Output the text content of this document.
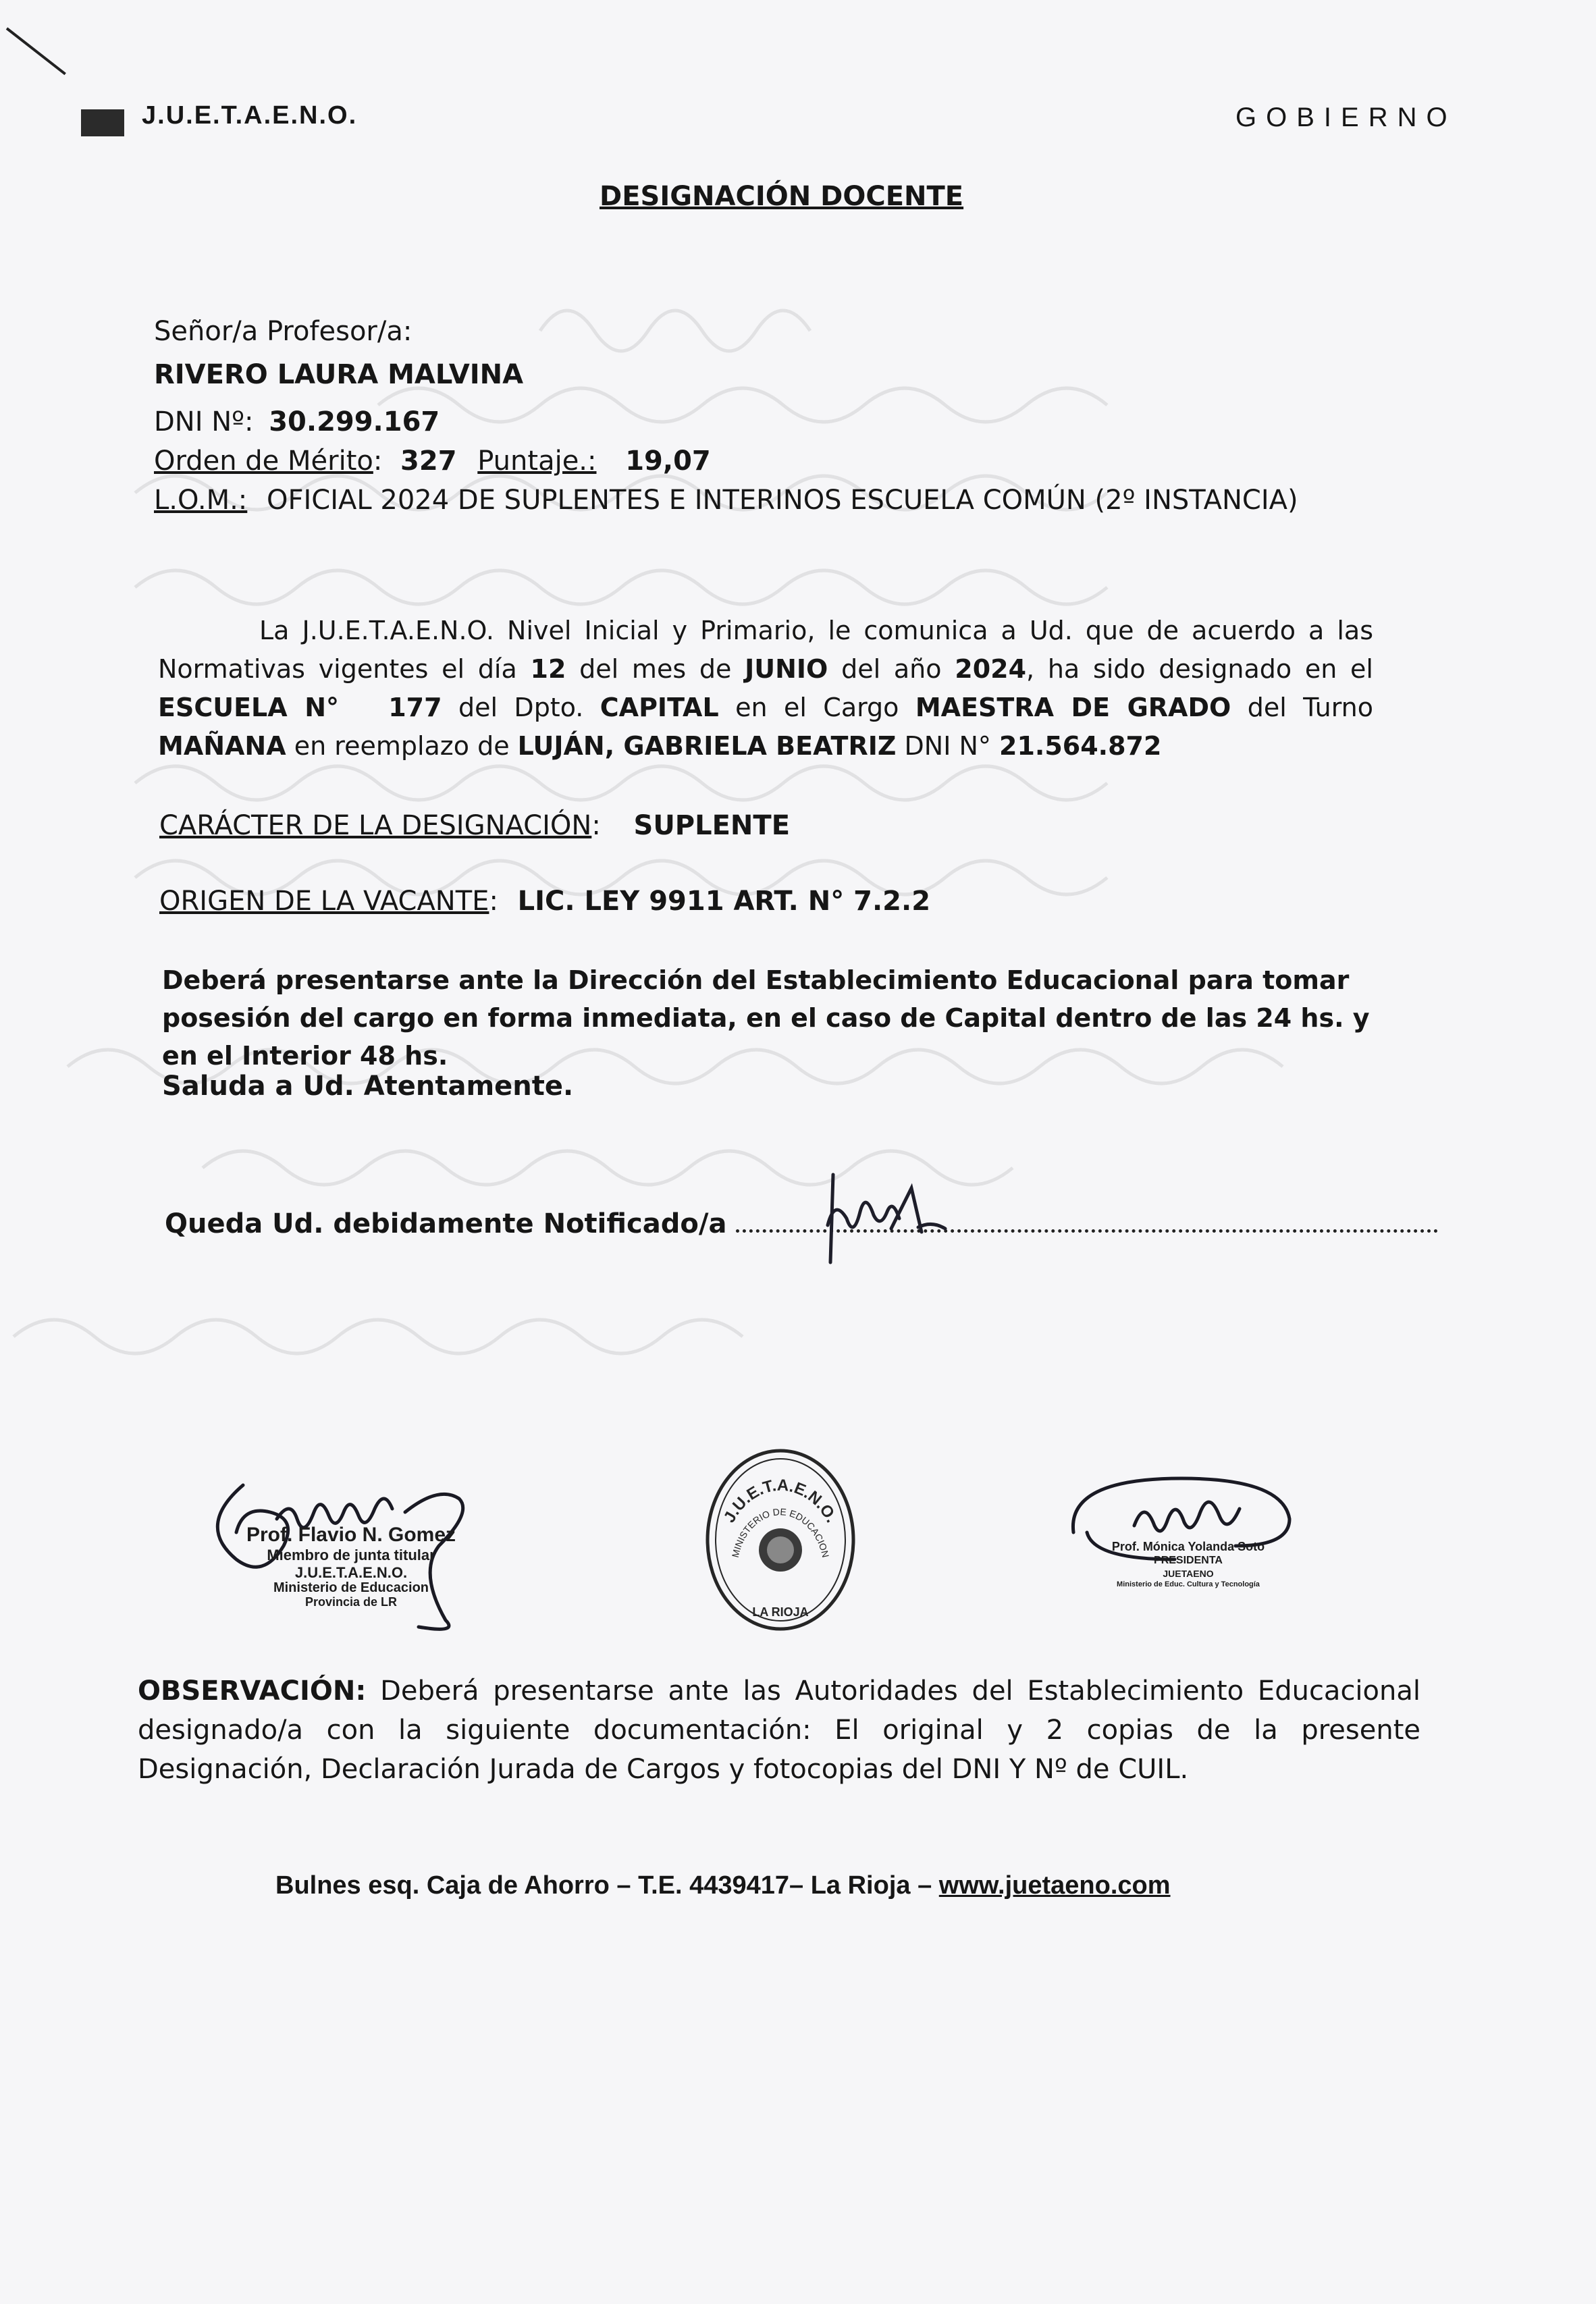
J.U.E.T.A.E.N.O.	GOBIERNO
DESIGNACIÓN DOCENTE
Señor/a Profesor/a:
RIVERO LAURA MALVINA
DNI Nº: 30.299.167
Orden de Mérito: 327 Puntaje.: 19,07
L.O.M.: OFICIAL 2024 DE SUPLENTES E INTERINOS ESCUELA COMÚN (2º INSTANCIA)
La J.U.E.T.A.E.N.O. Nivel Inicial y Primario, le comunica a Ud. que de acuerdo a las Normativas vigentes el día 12 del mes de JUNIO del año 2024, ha sido designado en el ESCUELA N° 177 del Dpto. CAPITAL en el Cargo MAESTRA DE GRADO del Turno MAÑANA en reemplazo de LUJÁN, GABRIELA BEATRIZ DNI N° 21.564.872
CARÁCTER DE LA DESIGNACIÓN: SUPLENTE
ORIGEN DE LA VACANTE: LIC. LEY 9911 ART. N° 7.2.2
Deberá presentarse ante la Dirección del Establecimiento Educacional para tomar posesión del cargo en forma inmediata, en el caso de Capital dentro de las 24 hs. y en el Interior 48 hs.
Saluda a Ud. Atentamente.
Queda Ud. debidamente Notificado/a
Prof. Flavio N. Gomez
Miembro de junta titular
J.U.E.T.A.E.N.O.
Ministerio de Educacion
Provincia de LR
J.U.E.T.A.E.N.O.
MINISTERIO DE EDUCACION
LA RIOJA
Prof. Mónica Yolanda Soto
PRESIDENTA
JUETAENO
Ministerio de Educ. Cultura y Tecnología
OBSERVACIÓN: Deberá presentarse ante las Autoridades del Establecimiento Educacional designado/a con la siguiente documentación: El original y 2 copias de la presente Designación, Declaración Jurada de Cargos y fotocopias del DNI Y Nº de CUIL.
Bulnes esq. Caja de Ahorro – T.E. 4439417– La Rioja – www.juetaeno.com
